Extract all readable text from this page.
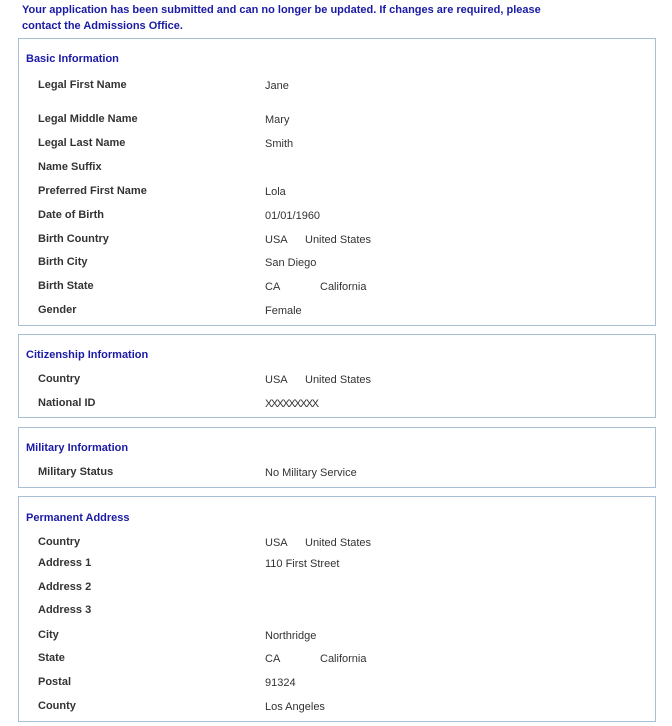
Your application has been submitted and can no longer be updated. If changes are required, please contact the Admissions Office.
Basic Information
Legal First Name	Jane
Legal Middle Name	Mary
Legal Last Name	Smith
Name Suffix
Preferred First Name	Lola
Date of Birth	01/01/1960
Birth Country	USA United States
Birth City	San Diego
Birth State	CA	California
Gender	Female
Citizenship Information
Country	USA United States
National ID	XXXXXXXXX
Military Information
Military Status	No Military Service
Permanent Address
Country	USA United States
Address 1	110 First Street
Address 2
Address 3
City	Northridge
State	CA	California
Postal	91324
County	Los Angeles
